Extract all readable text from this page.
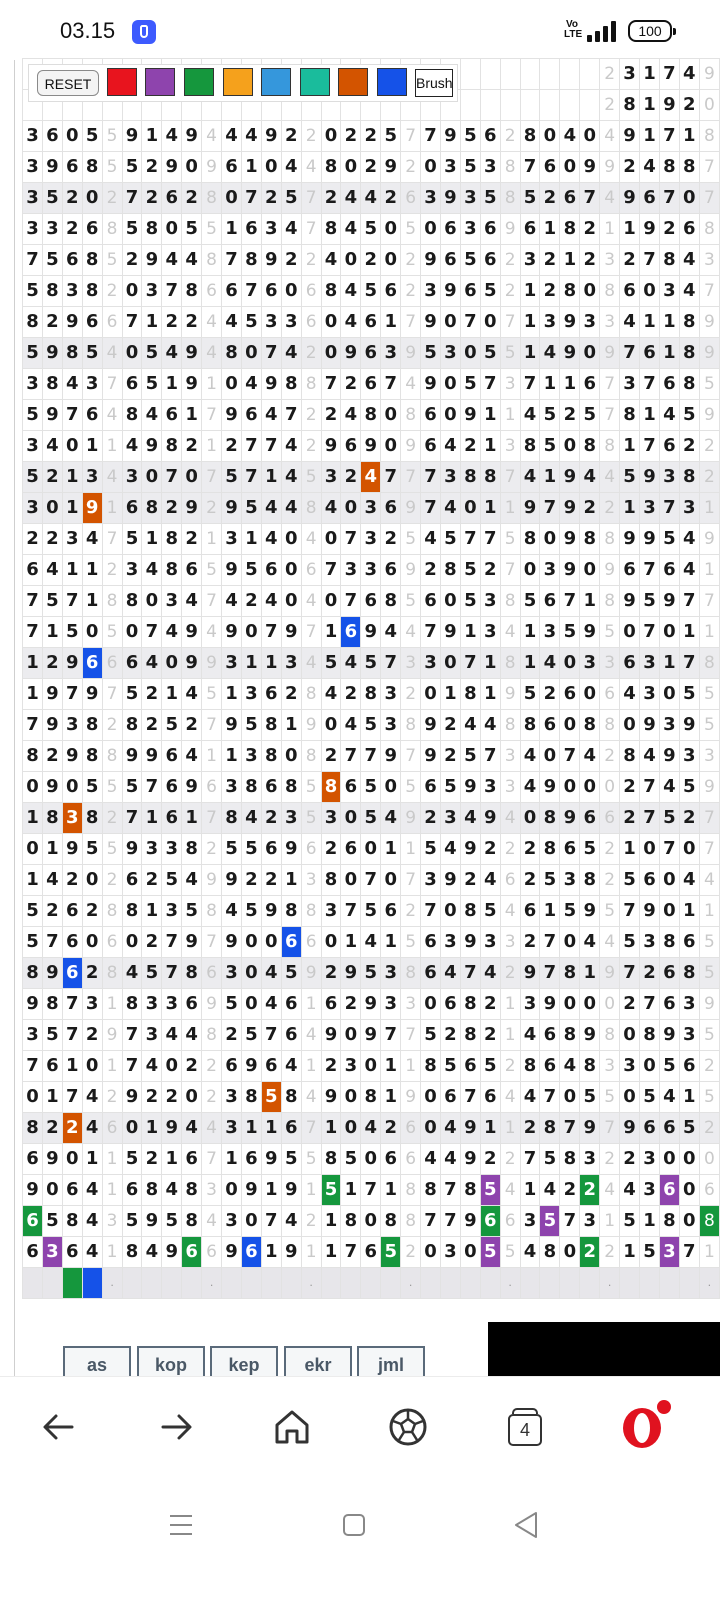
03.15	Vo
LTE	100
																													2	3	1	7	4	9
																													2	8	1	9	2	0
3	6	0	5	5	9	1	4	9	4	4	4	9	2	2	0	2	2	5	7	7	9	5	6	2	8	0	4	0	4	9	1	7	1	8
3	9	6	8	5	5	2	9	0	9	6	1	0	4	4	8	0	2	9	2	0	3	5	3	8	7	6	0	9	9	2	4	8	8	7
3	5	2	0	2	7	2	6	2	8	0	7	2	5	7	2	4	4	2	6	3	9	3	5	8	5	2	6	7	4	9	6	7	0	7
3	3	2	6	8	5	8	0	5	5	1	6	3	4	7	8	4	5	0	5	0	6	3	6	9	6	1	8	2	1	1	9	2	6	8
7	5	6	8	5	2	9	4	4	8	7	8	9	2	2	4	0	2	0	2	9	6	5	6	2	3	2	1	2	3	2	7	8	4	3
5	8	3	8	2	0	3	7	8	6	6	7	6	0	6	8	4	5	6	2	3	9	6	5	2	1	2	8	0	8	6	0	3	4	7
8	2	9	6	6	7	1	2	2	4	4	5	3	3	6	0	4	6	1	7	9	0	7	0	7	1	3	9	3	3	4	1	1	8	9
5	9	8	5	4	0	5	4	9	4	8	0	7	4	2	0	9	6	3	9	5	3	0	5	5	1	4	9	0	9	7	6	1	8	9
3	8	4	3	7	6	5	1	9	1	0	4	9	8	8	7	2	6	7	4	9	0	5	7	3	7	1	1	6	7	3	7	6	8	5
5	9	7	6	4	8	4	6	1	7	9	6	4	7	2	2	4	8	0	8	6	0	9	1	1	4	5	2	5	7	8	1	4	5	9
3	4	0	1	1	4	9	8	2	1	2	7	7	4	2	9	6	9	0	9	6	4	2	1	3	8	5	0	8	8	1	7	6	2	2
5	2	1	3	4	3	0	7	0	7	5	7	1	4	5	3	2	4	7	7	7	3	8	8	7	4	1	9	4	4	5	9	3	8	2
3	0	1	9	1	6	8	2	9	2	9	5	4	4	8	4	0	3	6	9	7	4	0	1	1	9	7	9	2	2	1	3	7	3	1
2	2	3	4	7	5	1	8	2	1	3	1	4	0	4	0	7	3	2	5	4	5	7	7	5	8	0	9	8	8	9	9	5	4	9
6	4	1	1	2	3	4	8	6	5	9	5	6	0	6	7	3	3	6	9	2	8	5	2	7	0	3	9	0	9	6	7	6	4	1
7	5	7	1	8	8	0	3	4	7	4	2	4	0	4	0	7	6	8	5	6	0	5	3	8	5	6	7	1	8	9	5	9	7	7
7	1	5	0	5	0	7	4	9	4	9	0	7	9	7	1	6	9	4	4	7	9	1	3	4	1	3	5	9	5	0	7	0	1	1
1	2	9	6	6	6	4	0	9	9	3	1	1	3	4	5	4	5	7	3	3	0	7	1	8	1	4	0	3	3	6	3	1	7	8
1	9	7	9	7	5	2	1	4	5	1	3	6	2	8	4	2	8	3	2	0	1	8	1	9	5	2	6	0	6	4	3	0	5	5
7	9	3	8	2	8	2	5	2	7	9	5	8	1	9	0	4	5	3	8	9	2	4	4	8	8	6	0	8	8	0	9	3	9	5
8	2	9	8	8	9	9	6	4	1	1	3	8	0	8	2	7	7	9	7	9	2	5	7	3	4	0	7	4	2	8	4	9	3	3
0	9	0	5	5	5	7	6	9	6	3	8	6	8	5	8	6	5	0	5	6	5	9	3	3	4	9	0	0	0	2	7	4	5	9
1	8	3	8	2	7	1	6	1	7	8	4	2	3	5	3	0	5	4	9	2	3	4	9	4	0	8	9	6	6	2	7	5	2	7
0	1	9	5	5	9	3	3	8	2	5	5	6	9	6	2	6	0	1	1	5	4	9	2	2	2	8	6	5	2	1	0	7	0	7
1	4	2	0	2	6	2	5	4	9	9	2	2	1	3	8	0	7	0	7	3	9	2	4	6	2	5	3	8	2	5	6	0	4	4
5	2	6	2	8	8	1	3	5	8	4	5	9	8	8	3	7	5	6	2	7	0	8	5	4	6	1	5	9	5	7	9	0	1	1
5	7	6	0	6	0	2	7	9	7	9	0	0	6	6	0	1	4	1	5	6	3	9	3	3	2	7	0	4	4	5	3	8	6	5
8	9	6	2	8	4	5	7	8	6	3	0	4	5	9	2	9	5	3	8	6	4	7	4	2	9	7	8	1	9	7	2	6	8	5
9	8	7	3	1	8	3	3	6	9	5	0	4	6	1	6	2	9	3	3	0	6	8	2	1	3	9	0	0	0	2	7	6	3	9
3	5	7	2	9	7	3	4	4	8	2	5	7	6	4	9	0	9	7	7	5	2	8	2	1	4	6	8	9	8	0	8	9	3	5
7	6	1	0	1	7	4	0	2	2	6	9	6	4	1	2	3	0	1	1	8	5	6	5	2	8	6	4	8	3	3	0	5	6	2
0	1	7	4	2	9	2	2	0	2	3	8	5	8	4	9	0	8	1	9	0	6	7	6	4	4	7	0	5	5	0	5	4	1	5
8	2	2	4	6	0	1	9	4	4	3	1	1	6	7	1	0	4	2	6	0	4	9	1	1	2	8	7	9	7	9	6	6	5	2
6	9	0	1	1	5	2	1	6	7	1	6	9	5	5	8	5	0	6	6	4	4	9	2	2	7	5	8	3	2	2	3	0	0	0
9	0	6	4	1	6	8	4	8	3	0	9	1	9	1	5	1	7	1	8	8	7	8	5	4	1	4	2	2	4	4	3	6	0	6
6	5	8	4	3	5	9	5	8	4	3	0	7	4	2	1	8	0	8	8	7	7	9	6	6	3	5	7	3	1	5	1	8	0	8
6	3	6	4	1	8	4	9	6	6	9	6	1	9	1	1	7	6	5	2	0	3	0	5	5	4	8	0	2	2	1	5	3	7	1
				.					.					.					.					.					.					.
RESET	Brush
as	kop	kep	ekr	jml
4
